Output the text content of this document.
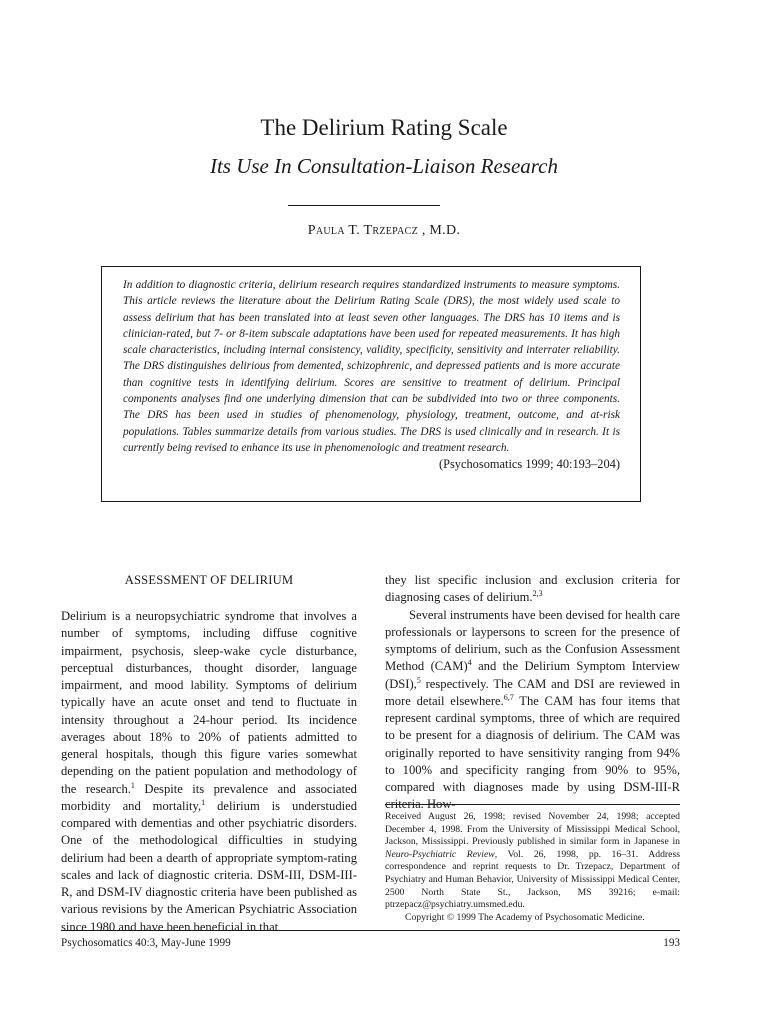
The Delirium Rating Scale
Its Use In Consultation-Liaison Research
Paula T. Trzepacz , M.D.

In addition to diagnostic criteria, delirium research requires standardized instruments to measure symptoms. This article reviews the literature about the Delirium Rating Scale (DRS), the most widely used scale to assess delirium that has been translated into at least seven other languages. The DRS has 10 items and is clinician-rated, but 7- or 8-item subscale adaptations have been used for repeated measurements. It has high scale characteristics, including internal consistency, validity, specificity, sensitivity and interrater reliability. The DRS distinguishes delirious from demented, schizophrenic, and depressed patients and is more accurate than cognitive tests in identifying delirium. Scores are sensitive to treatment of delirium. Principal components analyses find one underlying dimension that can be subdivided into two or three components. The DRS has been used in studies of phenomenology, physiology, treatment, outcome, and at-risk populations. Tables summarize details from various studies. The DRS is used clinically and in research. It is currently being revised to enhance its use in phenomenologic and treatment research.

(Psychosomatics 1999; 40:193–204)

ASSESSMENT OF DELIRIUM

Delirium is a neuropsychiatric syndrome that involves a number of symptoms, including diffuse cognitive impairment, psychosis, sleep-wake cycle disturbance, perceptual disturbances, thought disorder, language impairment, and mood lability. Symptoms of delirium typically have an acute onset and tend to fluctuate in intensity throughout a 24-hour period. Its incidence averages about 18% to 20% of patients admitted to general hospitals, though this figure varies somewhat depending on the patient population and methodology of the research.$^1$ Despite its prevalence and associated morbidity and mortality,$^1$ delirium is understudied compared with dementias and other psychiatric disorders. One of the methodological difficulties in studying delirium had been a dearth of appropriate symptom-rating scales and lack of diagnostic criteria. DSM-III, DSM-III-R, and DSM-IV diagnostic criteria have been published as various revisions by the American Psychiatric Association since 1980 and have been beneficial in that

they list specific inclusion and exclusion criteria for diagnosing cases of delirium.$^{2,3}$

Several instruments have been devised for health care professionals or laypersons to screen for the presence of symptoms of delirium, such as the Confusion Assessment Method (CAM)$^4$ and the Delirium Symptom Interview (DSI),$^5$ respectively. The CAM and DSI are reviewed in more detail elsewhere.$^{6,7}$ The CAM has four items that represent cardinal symptoms, three of which are required to be present for a diagnosis of delirium. The CAM was originally reported to have sensitivity ranging from 94% to 100% and specificity ranging from 90% to 95%, compared with diagnoses made by using DSM-III-R criteria. How-

Received August 26, 1998; revised November 24, 1998; accepted December 4, 1998. From the University of Mississippi Medical School, Jackson, Mississippi. Previously published in similar form in Japanese in Neuro-Psychiatric Review, Vol. 26, 1998, pp. 16–31. Address correspondence and reprint requests to Dr. Trzepacz, Department of Psychiatry and Human Behavior, University of Mississippi Medical Center, 2500 North State St., Jackson, MS 39216; e-mail: ptrzepacz@psychiatry.umsmed.edu.

Copyright © 1999 The Academy of Psychosomatic Medicine.

Psychosomatics 40:3, May-June 1999	193
